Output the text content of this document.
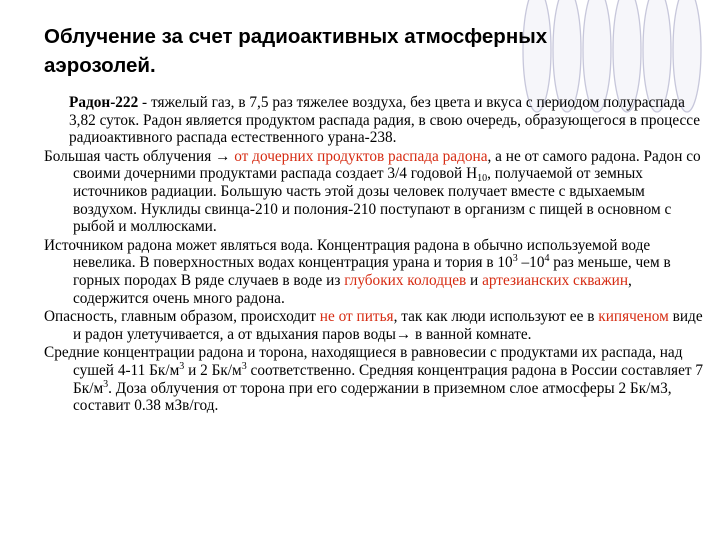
Облучение за счет радиоактивных атмосферных аэрозолей.

Радон-222 - тяжелый газ, в 7,5 раз тяжелее воздуха, без цвета и вкуса с периодом полураспада 3,82 суток. Радон является продуктом распада радия, в свою очередь, образующегося в процессе радиоактивного распада естественного урана-238.

Большая часть облучения → от дочерних продуктов распада радона, а не от самого радона. Радон со своими дочерними продуктами распада создает 3/4 годовой $H_{10}$, получаемой от земных источников радиации. Большую часть этой дозы человек получает вместе с вдыхаемым воздухом. Нуклиды свинца-210 и полония-210 поступают в организм с пищей в основном с рыбой и моллюсками.

Источником радона может являться вода. Концентрация радона в обычно используемой воде невелика. В поверхностных водах концентрация урана и тория в $10^3$ $-10^4$ раз меньше, чем в горных породах В ряде случаев в воде из глубоких колодцев и артезианских скважин, содержится очень много радона.

Опасность, главным образом, происходит не от питья, так как люди используют ее в кипяченом виде и радон улетучивается, а от вдыхания паров воды→ в ванной комнате.

Средние концентрации радона и торона, находящиеся в равновесии с продуктами их распада, над сушей 4-11 $Бк/м^3$ и 2 $Бк/м^3$ соответственно. Средняя концентрация радона в России составляет 7 $Бк/м^3$. Доза облучения от торона при его содержании в приземном слое атмосферы 2 Бк/м3, составит 0.38 мЗв/год.
